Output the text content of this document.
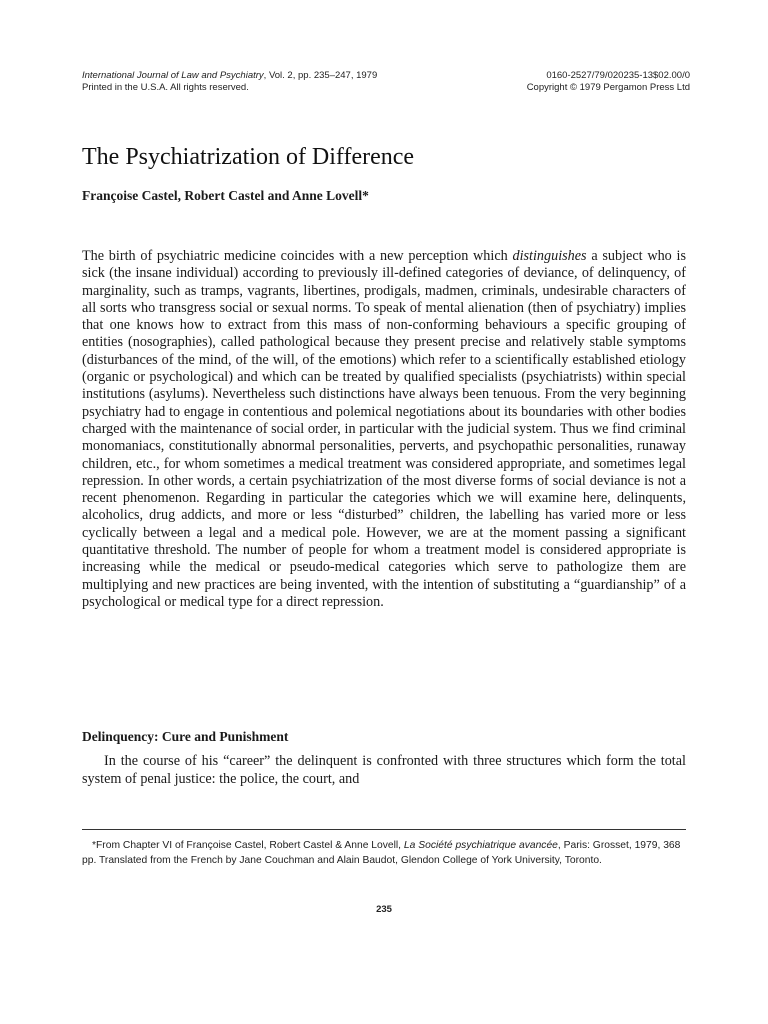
International Journal of Law and Psychiatry, Vol. 2, pp. 235–247, 1979	0160-2527/79/020235-13$02.00/0
Printed in the U.S.A. All rights reserved.	Copyright © 1979 Pergamon Press Ltd
The Psychiatrization of Difference
Françoise Castel, Robert Castel and Anne Lovell*

The birth of psychiatric medicine coincides with a new perception which distinguishes a subject who is sick (the insane individual) according to previously ill-defined categories of deviance, of delinquency, of marginality, such as tramps, vagrants, libertines, prodigals, madmen, criminals, undesirable characters of all sorts who transgress social or sexual norms. To speak of mental alienation (then of psychiatry) implies that one knows how to extract from this mass of non-conforming behaviours a specific grouping of entities (nosographies), called pathological because they present precise and relatively stable symptoms (disturbances of the mind, of the will, of the emotions) which refer to a scientifically established etiology (organic or psychological) and which can be treated by qualified specialists (psychiatrists) within special institutions (asylums). Nevertheless such distinctions have always been tenuous. From the very beginning psychiatry had to engage in contentious and polemical negotiations about its boundaries with other bodies charged with the maintenance of social order, in particular with the judicial system. Thus we find criminal monomaniacs, constitutionally abnormal personalities, perverts, and psychopathic personalities, runaway children, etc., for whom sometimes a medical treatment was considered appropriate, and sometimes legal repression. In other words, a certain psychiatrization of the most diverse forms of social deviance is not a recent phenomenon. Regarding in particular the categories which we will examine here, delinquents, alcoholics, drug addicts, and more or less “disturbed” children, the labelling has varied more or less cyclically between a legal and a medical pole. However, we are at the moment passing a significant quantitative threshold. The number of people for whom a treatment model is considered appropriate is increasing while the medical or pseudo-medical categories which serve to pathologize them are multiplying and new practices are being invented, with the intention of substituting a “guardianship” of a psychological or medical type for a direct repression.

Delinquency: Cure and Punishment

In the course of his “career” the delinquent is confronted with three structures which form the total system of penal justice: the police, the court, and

*From Chapter VI of Françoise Castel, Robert Castel & Anne Lovell, La Société psychiatrique avancée, Paris: Grosset, 1979, 368 pp. Translated from the French by Jane Couchman and Alain Baudot, Glendon College of York University, Toronto.
235
